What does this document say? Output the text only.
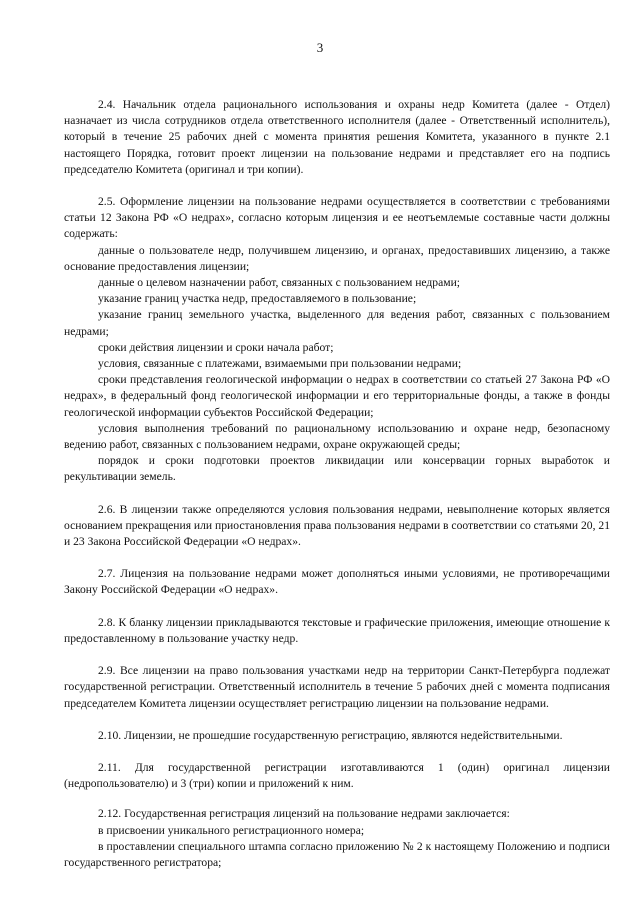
3

2.4. Начальник отдела рационального использования и охраны недр Комитета (далее - Отдел) назначает из числа сотрудников отдела ответственного исполнителя (далее - Ответственный исполнитель), который в течение 25 рабочих дней с момента принятия решения Комитета, указанного в пункте 2.1 настоящего Порядка, готовит проект лицензии на пользование недрами и представляет его на подпись председателю Комитета (оригинал и три копии).

2.5. Оформление лицензии на пользование недрами осуществляется в соответствии с требованиями статьи 12 Закона РФ «О недрах», согласно которым лицензия и ее неотъемлемые составные части должны содержать:

данные о пользователе недр, получившем лицензию, и органах, предоставивших лицензию, а также основание предоставления лицензии;

данные о целевом назначении работ, связанных с пользованием недрами;

указание границ участка недр, предоставляемого в пользование;

указание границ земельного участка, выделенного для ведения работ, связанных с пользованием недрами;

сроки действия лицензии и сроки начала работ;

условия, связанные с платежами, взимаемыми при пользовании недрами;

сроки представления геологической информации о недрах в соответствии со статьей 27 Закона РФ «О недрах», в федеральный фонд геологической информации и его территориальные фонды, а также в фонды геологической информации субъектов Российской Федерации;

условия выполнения требований по рациональному использованию и охране недр, безопасному ведению работ, связанных с пользованием недрами, охране окружающей среды;

порядок и сроки подготовки проектов ликвидации или консервации горных выработок и рекультивации земель.

2.6. В лицензии также определяются условия пользования недрами, невыполнение которых является основанием прекращения или приостановления права пользования недрами в соответствии со статьями 20, 21 и 23 Закона Российской Федерации «О недрах».

2.7. Лицензия на пользование недрами может дополняться иными условиями, не противоречащими Закону Российской Федерации «О недрах».

2.8. К бланку лицензии прикладываются текстовые и графические приложения, имеющие отношение к предоставленному в пользование участку недр.

2.9. Все лицензии на право пользования участками недр на территории Санкт-Петербурга подлежат государственной регистрации. Ответственный исполнитель в течение 5 рабочих дней с момента подписания председателем Комитета лицензии осуществляет регистрацию лицензии на пользование недрами.

2.10. Лицензии, не прошедшие государственную регистрацию, являются недействительными.

2.11. Для государственной регистрации изготавливаются 1 (один) оригинал лицензии (недропользователю) и 3 (три) копии и приложений к ним.

2.12. Государственная регистрация лицензий на пользование недрами заключается:

в присвоении уникального регистрационного номера;

в проставлении специального штампа согласно приложению № 2 к настоящему Положению и подписи государственного регистратора;
